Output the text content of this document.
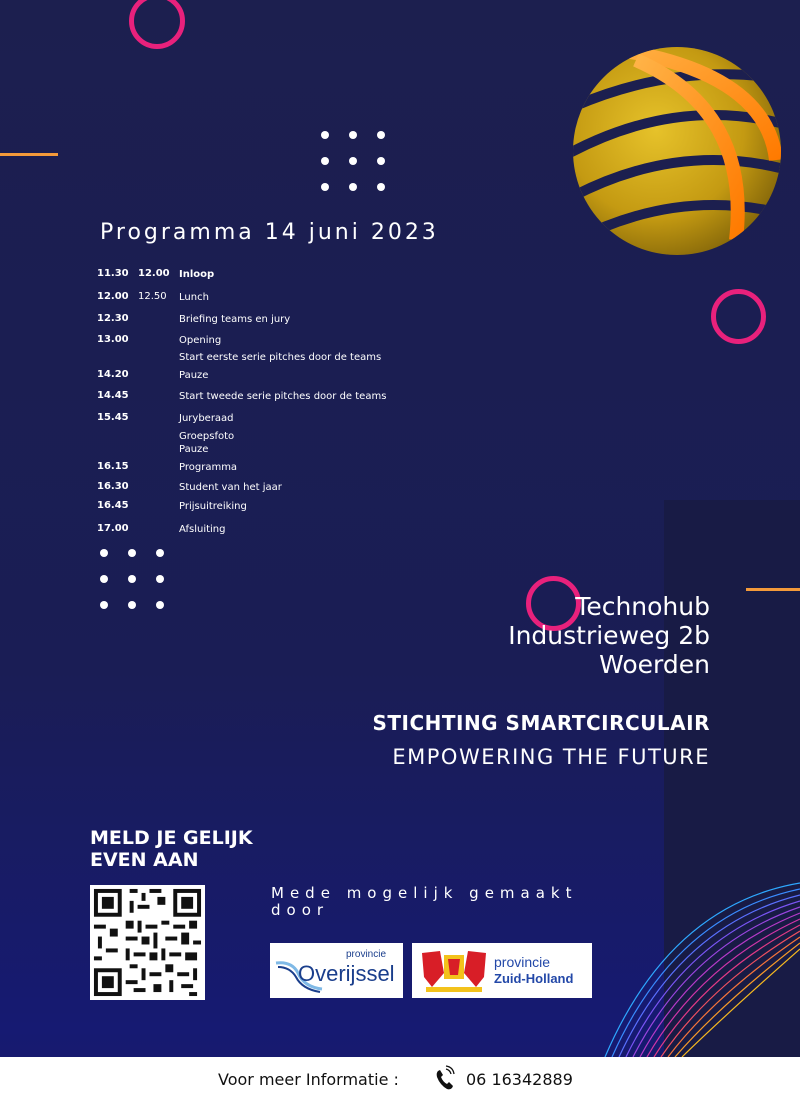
Programma 14 juni 2023
11.30 12.00 Inloop
12.00 12.50 Lunch
12.30	Briefing teams en jury
13.00	Opening
Start eerste serie pitches door de teams
14.20	Pauze
14.45	Start tweede serie pitches door de teams
15.45	Juryberaad
Groepsfoto
Pauze
16.15	Programma
16.30	Student van het jaar
16.45	Prijsuitreiking
17.00	Afsluiting
Technohub
Industrieweg 2b
Woerden
STICHTING SMARTCIRCULAIR
EMPOWERING THE FUTURE
MELD JE GELIJK
EVEN AAN
Mede mogelijk gemaakt door
provincie
Overijssel	provincie
Zuid-Holland
Voor meer Informatie :	06 16342889
